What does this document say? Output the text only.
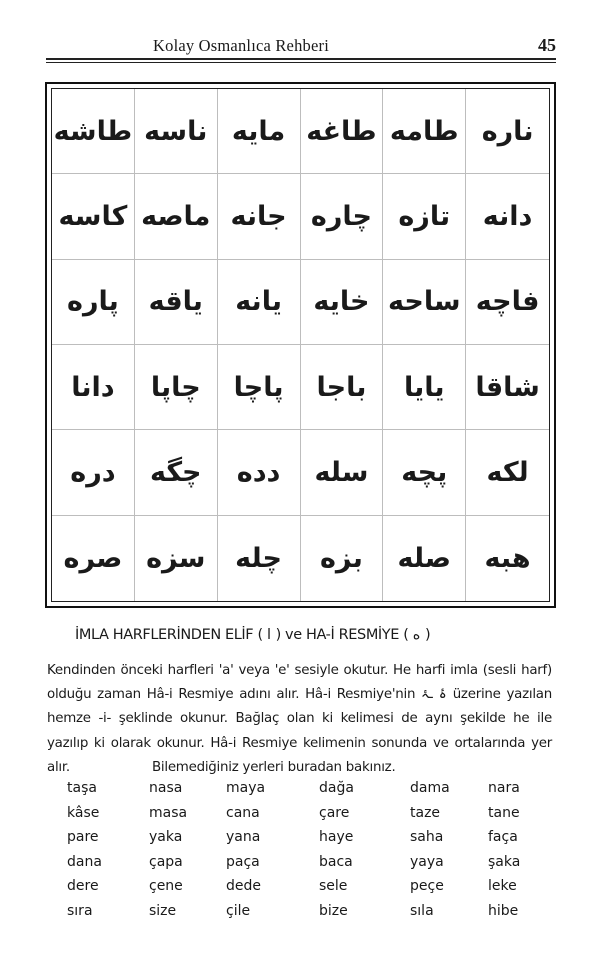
Kolay Osmanlıca Rehberi	45
طاشه ناسه مايه طاغه طامه ناره
كاسه ماصه جانه چاره تازه	دانه
پاره	ياقه	يانه	خايه ساحه فاچه
دانا	چاپا	پاچا	باجا	يايا	شاقا
دره	چگه	دده	سله	پچه	لكه
صره سزه	چله	بزه	صله	هبه
İMLA HARFLERİNDEN ELİF ( ا ) ve HA-İ RESMİYE ( ه )
Kendinden önceki harfleri 'a' veya 'e' sesiyle okutur. He harfi imla (sesli harf)
olduğu zaman Hâ-i Resmiye adını alır. Hâ-i Resmiye'nin ۂ ـۂ üzerine yazılan
hemze -i- şeklinde okunur. Bağlaç olan ki kelimesi de aynı şekilde he ile
yazılıp ki olarak okunur. Hâ-i Resmiye kelimenin sonunda ve ortalarında yer
alır.	Bilemediğiniz yerleri buradan bakınız.
taşa	nasa	maya	dağa	dama	nara
kâse	masa	cana	çare	taze	tane
pare	yaka	yana	haye	saha	faça
dana	çapa	paça	baca	yaya	şaka
dere	çene	dede	sele	peçe	leke
sıra	size	çile	bize	sıla	hibe
